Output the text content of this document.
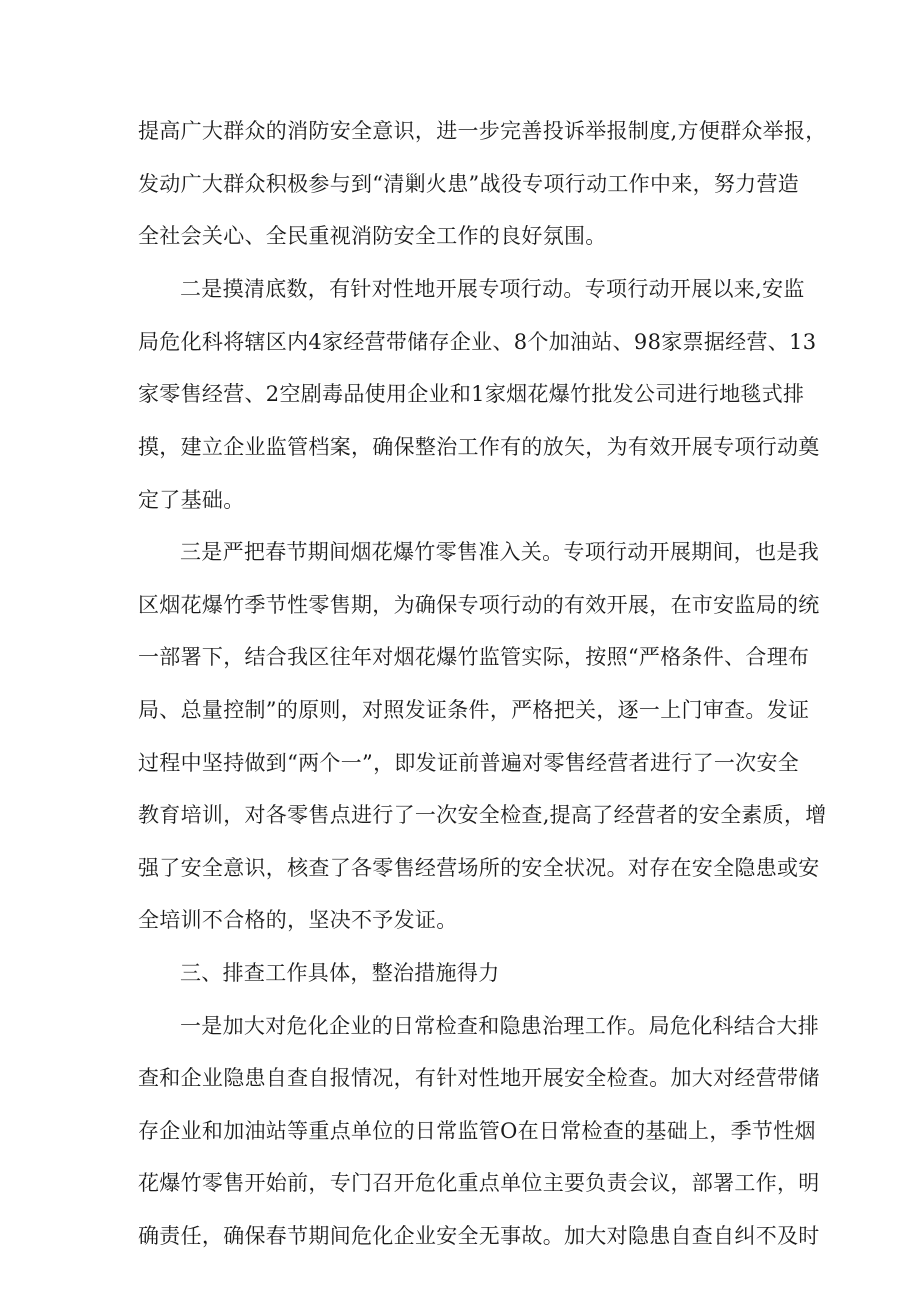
提高广大群众的消防安全意识，进一步完善投诉举报制度,方便群众举报，
发动广大群众积极参与到“清剿火患”战役专项行动工作中来，努力营造
全社会关心、全民重视消防安全工作的良好氛围。
二是摸清底数，有针对性地开展专项行动。专项行动开展以来,安监
局危化科将辖区内4家经营带储存企业、8个加油站、98家票据经营、13
家零售经营、2空剧毒品使用企业和1家烟花爆竹批发公司进行地毯式排
摸，建立企业监管档案，确保整治工作有的放矢，为有效开展专项行动奠
定了基础。
三是严把春节期间烟花爆竹零售准入关。专项行动开展期间，也是我
区烟花爆竹季节性零售期，为确保专项行动的有效开展，在市安监局的统
一部署下，结合我区往年对烟花爆竹监管实际，按照“严格条件、合理布
局、总量控制”的原则，对照发证条件，严格把关，逐一上门审查。发证
过程中坚持做到“两个一”，即发证前普遍对零售经营者进行了一次安全
教育培训，对各零售点进行了一次安全检查,提高了经营者的安全素质，增
强了安全意识，核查了各零售经营场所的安全状况。对存在安全隐患或安
全培训不合格的，坚决不予发证。
三、排查工作具体，整治措施得力
一是加大对危化企业的日常检查和隐患治理工作。局危化科结合大排
查和企业隐患自查自报情况，有针对性地开展安全检查。加大对经营带储
存企业和加油站等重点单位的日常监管O在日常检查的基础上，季节性烟
花爆竹零售开始前，专门召开危化重点单位主要负责会议，部署工作，明
确责任，确保春节期间危化企业安全无事故。加大对隐患自查自纠不及时
